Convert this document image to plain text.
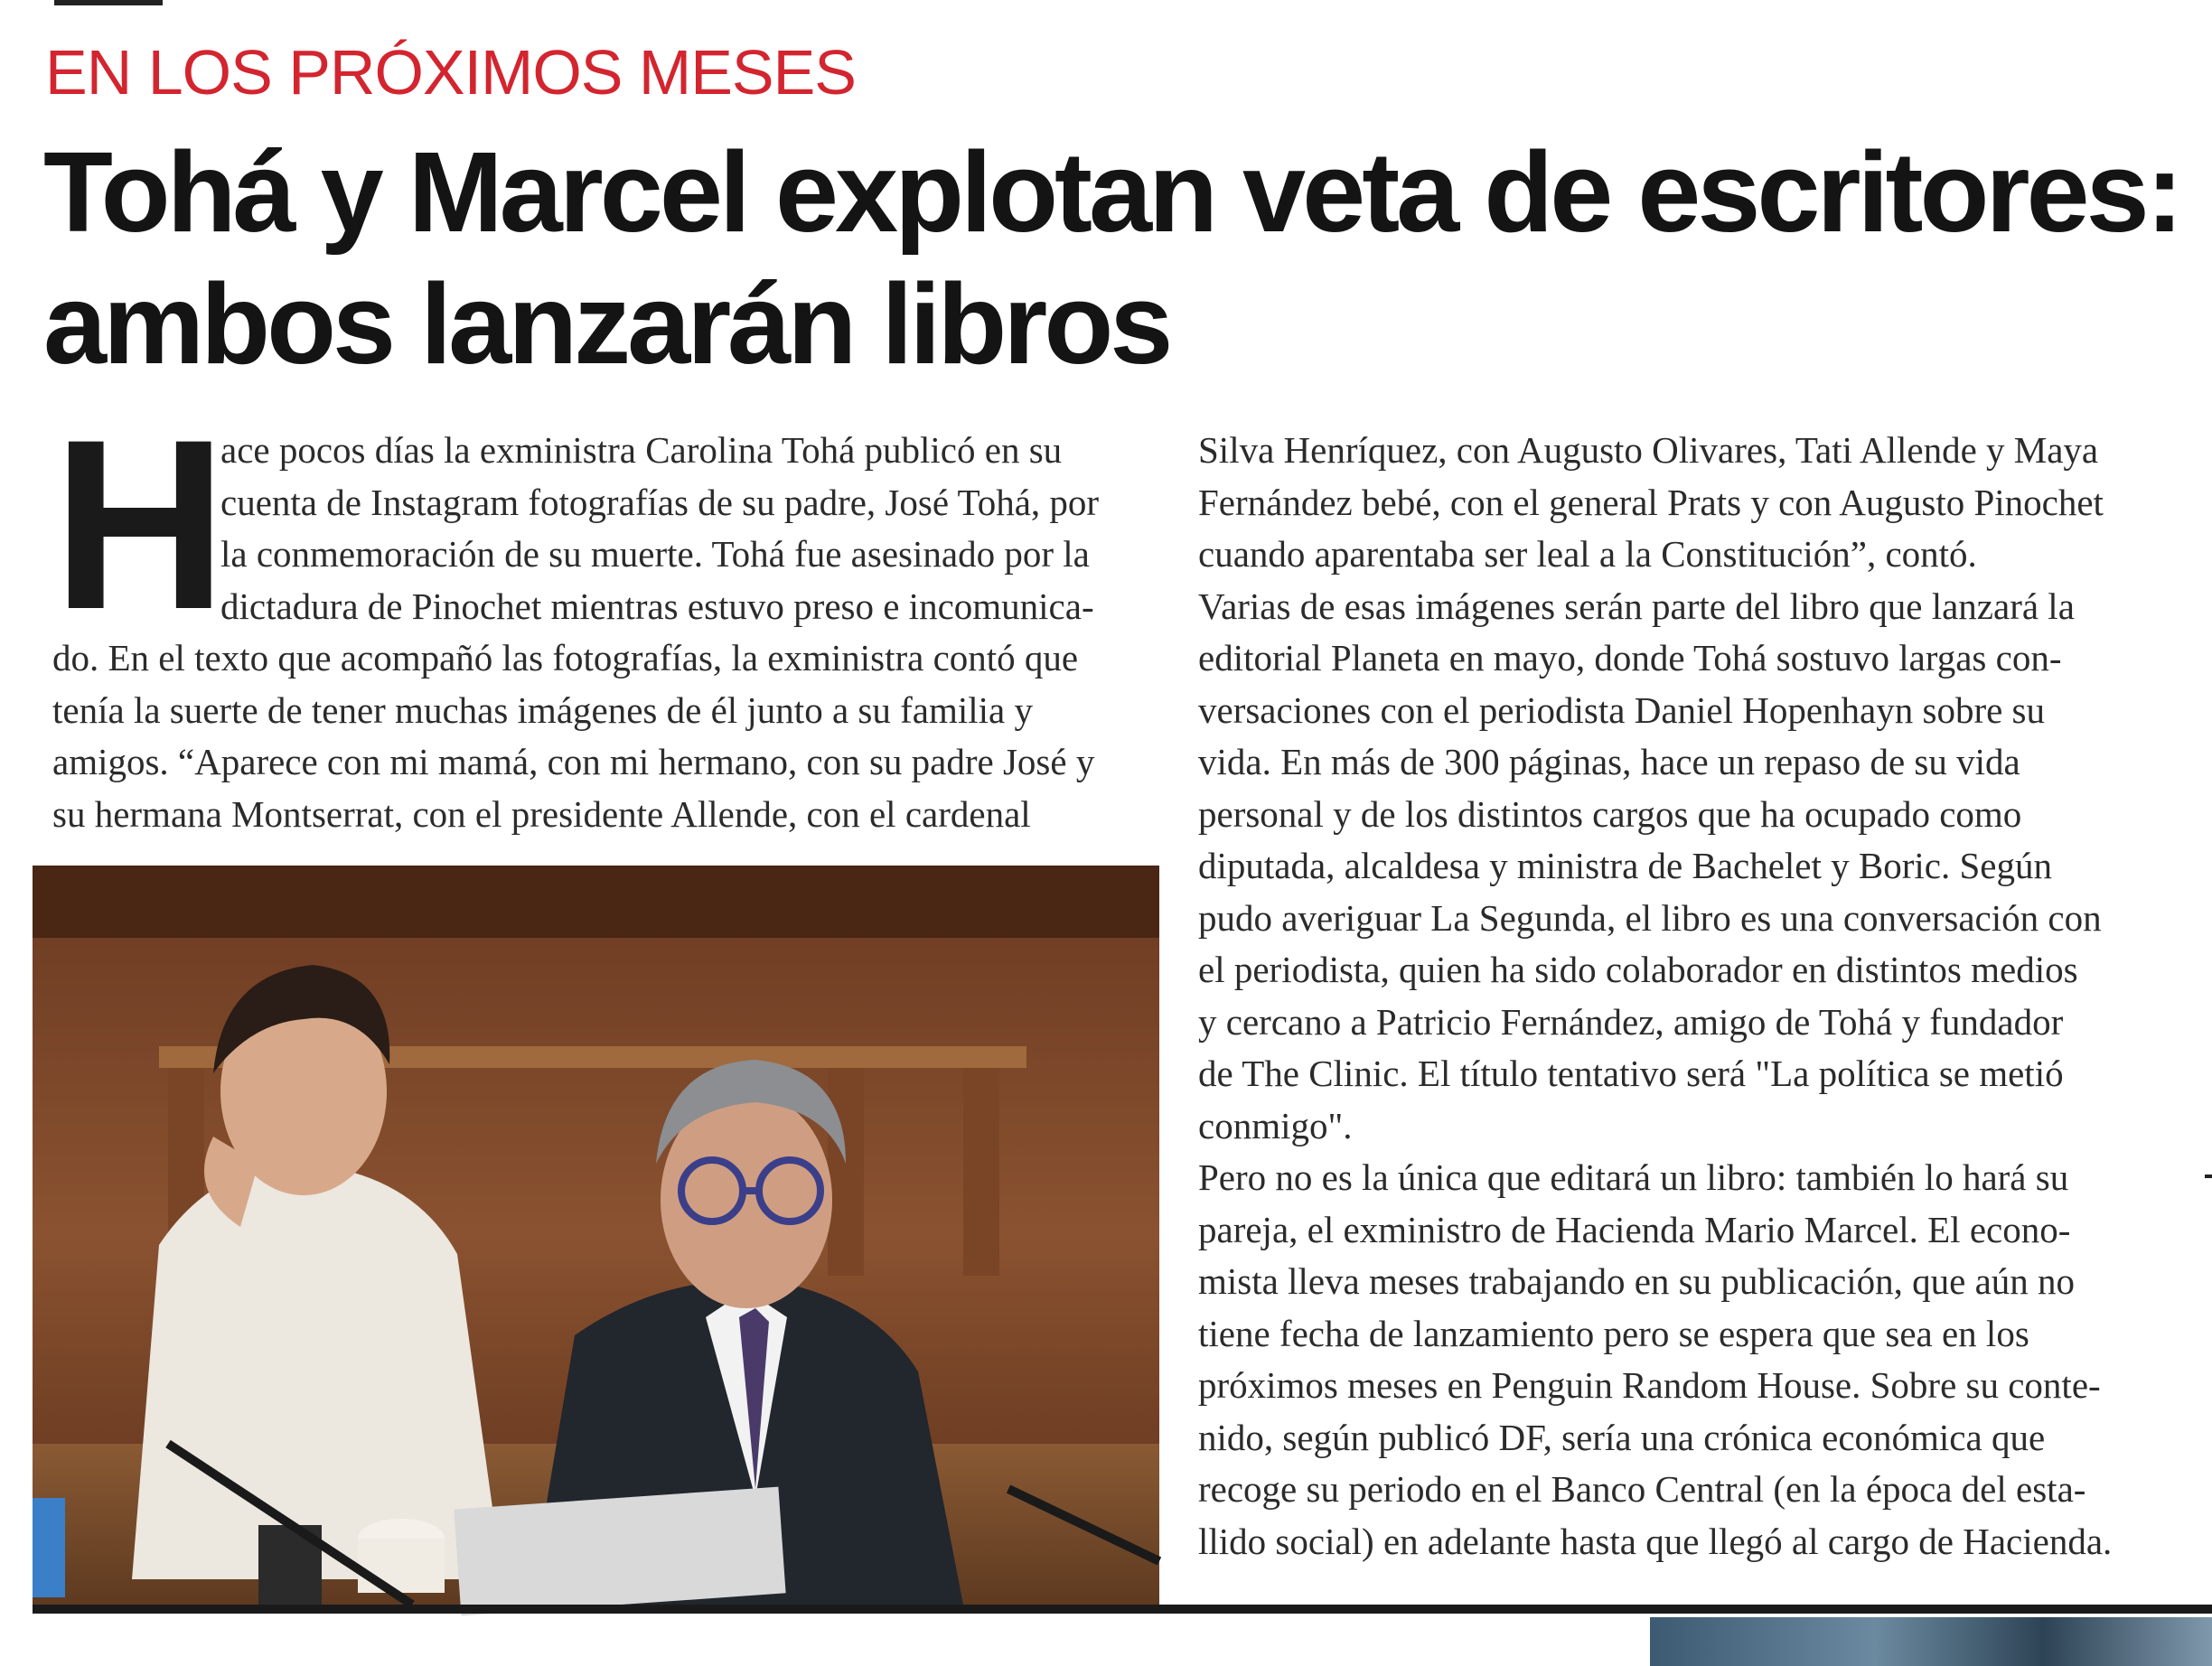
EN LOS PRÓXIMOS MESES
Tohá y Marcel explotan veta de escritores:
ambos lanzarán libros
H
ace pocos días la exministra Carolina Tohá publicó en su
cuenta de Instagram fotografías de su padre, José Tohá, por
la conmemoración de su muerte. Tohá fue asesinado por la
dictadura de Pinochet mientras estuvo preso e incomunica-
do. En el texto que acompañó las fotografías, la exministra contó que
tenía la suerte de tener muchas imágenes de él junto a su familia y
amigos. “Aparece con mi mamá, con mi hermano, con su padre José y
su hermana Montserrat, con el presidente Allende, con el cardenal
Silva Henríquez, con Augusto Olivares, Tati Allende y Maya
Fernández bebé, con el general Prats y con Augusto Pinochet
cuando aparentaba ser leal a la Constitución”, contó.
Varias de esas imágenes serán parte del libro que lanzará la
editorial Planeta en mayo, donde Tohá sostuvo largas con-
versaciones con el periodista Daniel Hopenhayn sobre su
vida. En más de 300 páginas, hace un repaso de su vida
personal y de los distintos cargos que ha ocupado como
diputada, alcaldesa y ministra de Bachelet y Boric. Según
pudo averiguar La Segunda, el libro es una conversación con
el periodista, quien ha sido colaborador en distintos medios
y cercano a Patricio Fernández, amigo de Tohá y fundador
de The Clinic. El título tentativo será "La política se metió
conmigo".
Pero no es la única que editará un libro: también lo hará su
pareja, el exministro de Hacienda Mario Marcel. El econo-
mista lleva meses trabajando en su publicación, que aún no
tiene fecha de lanzamiento pero se espera que sea en los
próximos meses en Penguin Random House. Sobre su conte-
nido, según publicó DF, sería una crónica económica que
recoge su periodo en el Banco Central (en la época del esta-
llido social) en adelante hasta que llegó al cargo de Hacienda.
